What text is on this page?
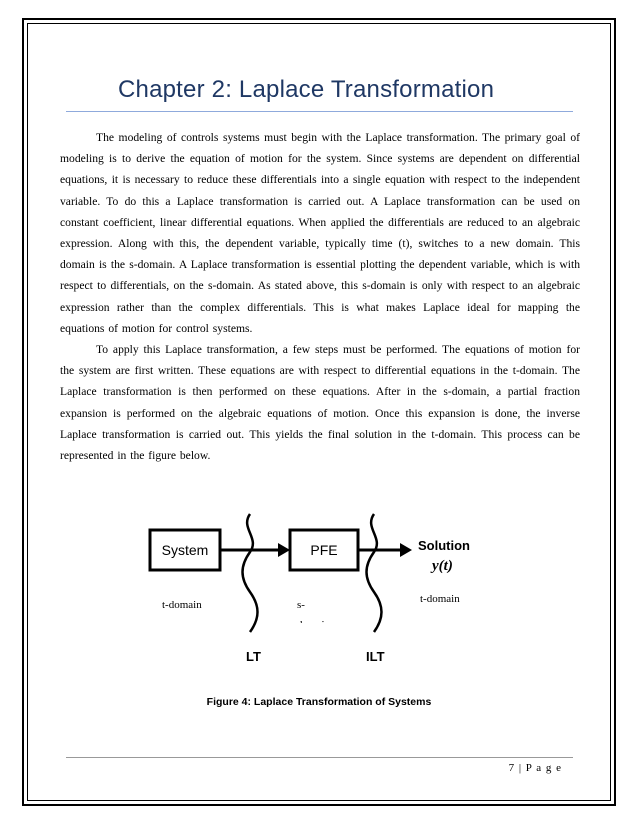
Chapter 2: Laplace Transformation
The modeling of controls systems must begin with the Laplace transformation. The primary goal of modeling is to derive the equation of motion for the system. Since systems are dependent on differential equations, it is necessary to reduce these differentials into a single equation with respect to the independent variable. To do this a Laplace transformation is carried out. A Laplace transformation can be used on constant coefficient, linear differential equations. When applied the differentials are reduced to an algebraic expression. Along with this, the dependent variable, typically time (t), switches to a new domain. This domain is the s-domain. A Laplace transformation is essential plotting the dependent variable, which is with respect to differentials, on the s-domain. As stated above, this s-domain is only with respect to an algebraic expression rather than the complex differentials. This is what makes Laplace ideal for mapping the equations of motion for control systems.
To apply this Laplace transformation, a few steps must be performed. The equations of motion for the system are first written. These equations are with respect to differential equations in the t-domain. The Laplace transformation is then performed on these equations. After in the s-domain, a partial fraction expansion is performed on the algebraic equations of motion. Once this expansion is done, the inverse Laplace transformation is carried out. This yields the final solution in the t-domain. This process can be represented in the figure below.
System	PFE	Solution
y(t)
t-domain	s-	t-domain
LT	ILT
Figure 4: Laplace Transformation of Systems
7 | P a g e
